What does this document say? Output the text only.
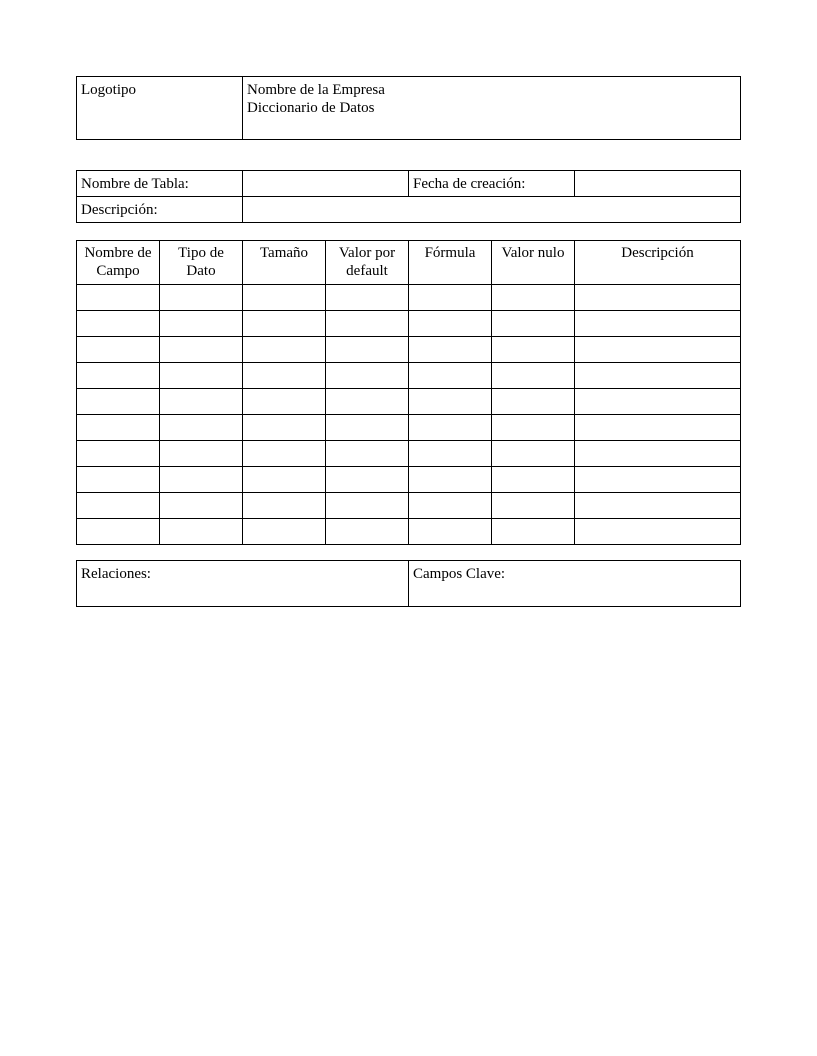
Logotipo	Nombre de la Empresa
Diccionario de Datos
Nombre de Tabla:		Fecha de creación:	

Descripción:			

Nombre de Campo	Tipo de Dato	Tamaño	Valor por default	Fórmula	Valor nulo	Descripción

Relaciones:	Campos Clave:
